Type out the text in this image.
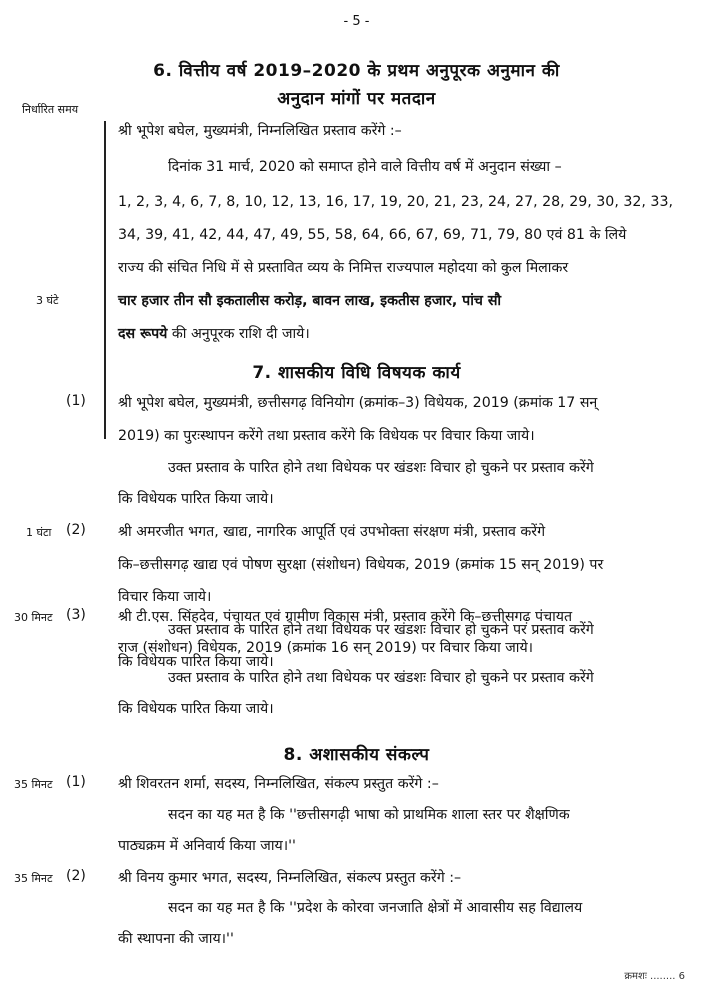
- 5 -
6. वित्तीय वर्ष 2019–2020 के प्रथम अनुपूरक अनुमान की
अनुदान मांगों पर मतदान
निर्धारित समय
श्री भूपेश बघेल, मुख्यमंत्री, निम्नलिखित प्रस्ताव करेंगे :–
दिनांक 31 मार्च, 2020 को समाप्त होने वाले वित्तीय वर्ष में अनुदान संख्या –
1, 2, 3, 4, 6, 7, 8, 10, 12, 13, 16, 17, 19, 20, 21, 23, 24, 27, 28, 29, 30, 32, 33,
34, 39, 41, 42, 44, 47, 49, 55, 58, 64, 66, 67, 69, 71, 79, 80 एवं 81 के लिये
राज्य की संचित निधि में से प्रस्तावित व्यय के निमित्त राज्यपाल महोदया को कुल मिलाकर
3 घंटे	चार हजार तीन सौ इकतालीस करोड़, बावन लाख, इकतीस हजार, पांच सौ
दस रूपये की अनुपूरक राशि दी जाये।
7. शासकीय विधि विषयक कार्य
(1) श्री भूपेश बघेल, मुख्यमंत्री, छत्तीसगढ़ विनियोग (क्रमांक–3) विधेयक, 2019 (क्रमांक 17 सन्
2019) का पुरःस्थापन करेंगे तथा प्रस्ताव करेंगे कि विधेयक पर विचार किया जाये।
उक्त प्रस्ताव के पारित होने तथा विधेयक पर खंडशः विचार हो चुकने पर प्रस्ताव करेंगे
कि विधेयक पारित किया जाये।
1 घंटा (2) श्री अमरजीत भगत, खाद्य, नागरिक आपूर्ति एवं उपभोक्ता संरक्षण मंत्री, प्रस्ताव करेंगे
कि–छत्तीसगढ़ खाद्य एवं पोषण सुरक्षा (संशोधन) विधेयक, 2019 (क्रमांक 15 सन् 2019) पर
विचार किया जाये।
उक्त प्रस्ताव के पारित होने तथा विधेयक पर खंडशः विचार हो चुकने पर प्रस्ताव करेंगे
कि विधेयक पारित किया जाये।
30 मिनट (3) श्री टी.एस. सिंहदेव, पंचायत एवं ग्रामीण विकास मंत्री, प्रस्ताव करेंगे कि–छत्तीसगढ़ पंचायत
राज (संशोधन) विधेयक, 2019 (क्रमांक 16 सन् 2019) पर विचार किया जाये।
उक्त प्रस्ताव के पारित होने तथा विधेयक पर खंडशः विचार हो चुकने पर प्रस्ताव करेंगे
कि विधेयक पारित किया जाये।
8. अशासकीय संकल्प
35 मिनट (1) श्री शिवरतन शर्मा, सदस्य, निम्नलिखित, संकल्प प्रस्तुत करेंगे :–
सदन का यह मत है कि ''छत्तीसगढ़ी भाषा को प्राथमिक शाला स्तर पर शैक्षणिक
पाठ्यक्रम में अनिवार्य किया जाय।''
35 मिनट (2) श्री विनय कुमार भगत, सदस्य, निम्नलिखित, संकल्प प्रस्तुत करेंगे :–
सदन का यह मत है कि ''प्रदेश के कोरवा जनजाति क्षेत्रों में आवासीय सह विद्यालय
की स्थापना की जाय।''
क्रमशः ........ 6
